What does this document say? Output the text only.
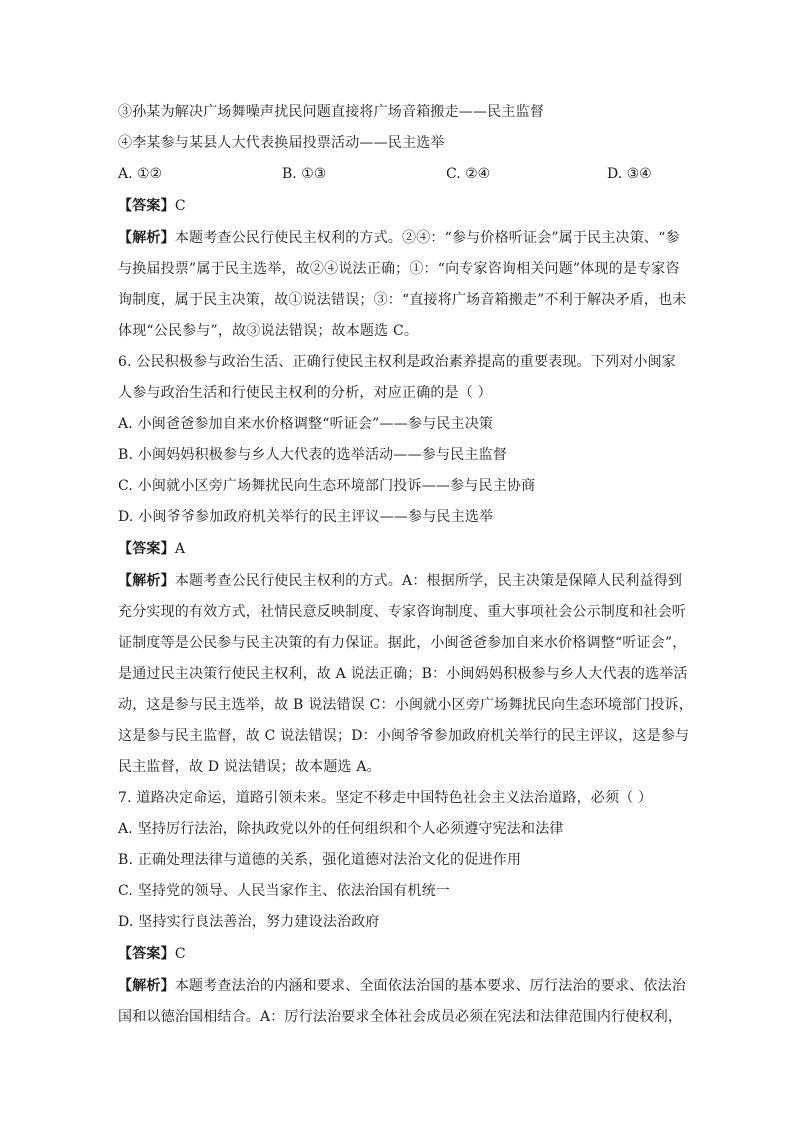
③孙某为解决广场舞噪声扰民问题直接将广场音箱搬走——民主监督
④李某参与某县人大代表换届投票活动——民主选举
A. ①②	B. ①③	C. ②④	D. ③④
【答案】C
【解析】本题考查公民行使民主权利的方式。②④：“参与价格听证会”属于民主决策、“参
与换届投票”属于民主选举，故②④说法正确；①：“向专家咨询相关问题”体现的是专家咨
询制度，属于民主决策，故①说法错误；③：“直接将广场音箱搬走”不利于解决矛盾，也未
体现“公民参与”，故③说法错误；故本题选 C。
6. 公民积极参与政治生活、正确行使民主权利是政治素养提高的重要表现。下列对小闽家
人参与政治生活和行使民主权利的分析，对应正确的是（ ）
A. 小闽爸爸参加自来水价格调整“听证会”——参与民主决策
B. 小闽妈妈积极参与乡人大代表的选举活动——参与民主监督
C. 小闽就小区旁广场舞扰民向生态环境部门投诉——参与民主协商
D. 小闽爷爷参加政府机关举行的民主评议——参与民主选举
【答案】A
【解析】本题考查公民行使民主权利的方式。A：根据所学，民主决策是保障人民利益得到
充分实现的有效方式，社情民意反映制度、专家咨询制度、重大事项社会公示制度和社会听
证制度等是公民参与民主决策的有力保证。据此，小闽爸爸参加自来水价格调整“听证会”，
是通过民主决策行使民主权利，故 A 说法正确；B：小闽妈妈积极参与乡人大代表的选举活
动，这是参与民主选举，故 B 说法错误 C：小闽就小区旁广场舞扰民向生态环境部门投诉，
这是参与民主监督，故 C 说法错误；D：小闽爷爷参加政府机关举行的民主评议，这是参与
民主监督，故 D 说法错误；故本题选 A。
7. 道路决定命运，道路引领未来。坚定不移走中国特色社会主义法治道路，必须（ ）
A. 坚持厉行法治，除执政党以外的任何组织和个人必须遵守宪法和法律
B. 正确处理法律与道德的关系，强化道德对法治文化的促进作用
C. 坚持党的领导、人民当家作主、依法治国有机统一
D. 坚持实行良法善治，努力建设法治政府
【答案】C
【解析】本题考查法治的内涵和要求、全面依法治国的基本要求、厉行法治的要求、依法治
国和以德治国相结合。A：厉行法治要求全体社会成员必须在宪法和法律范围内行使权利，
